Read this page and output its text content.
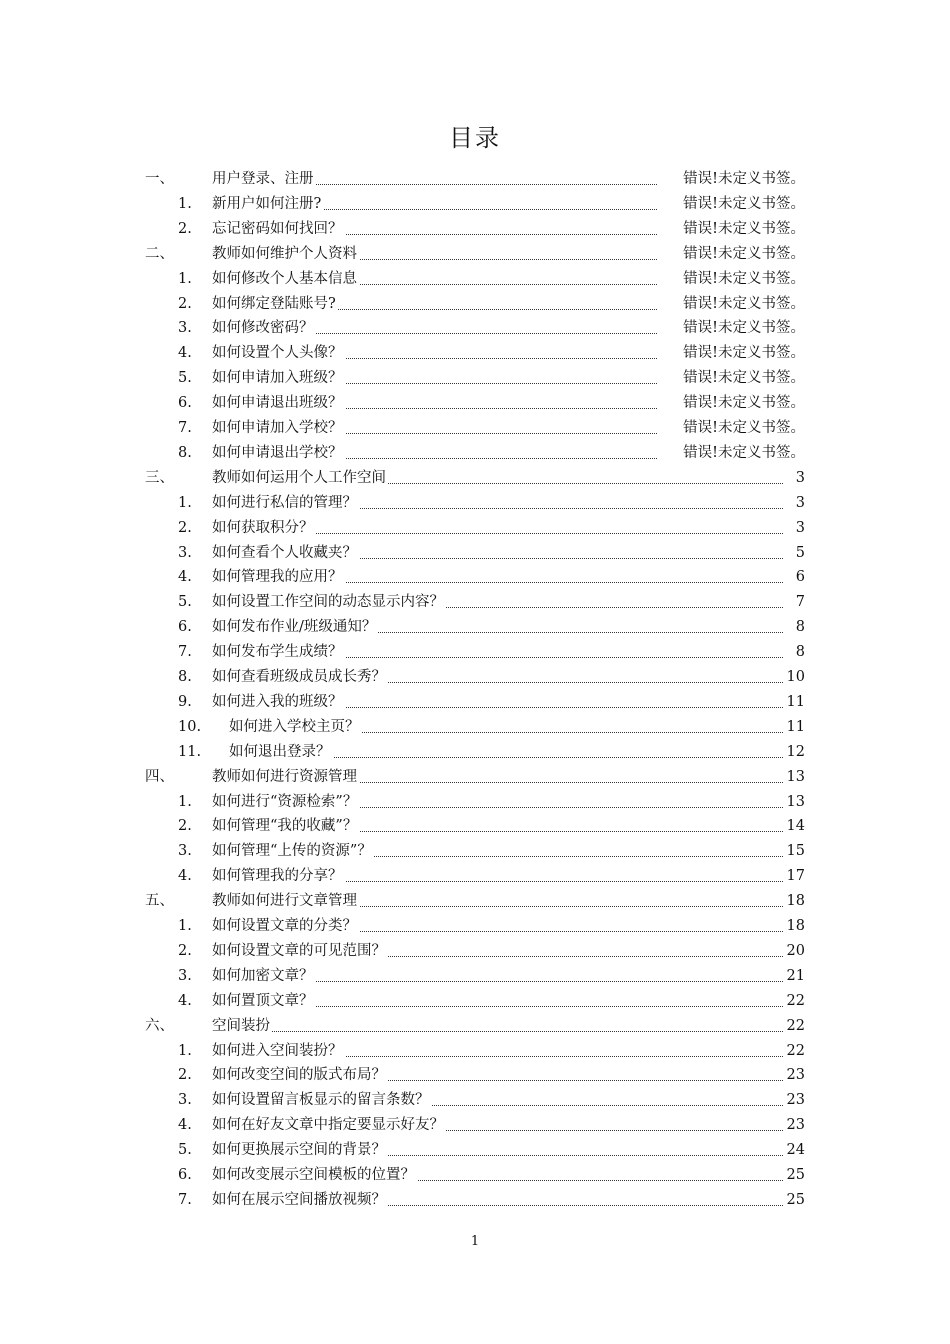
目录
一、	用户登录、注册	错误!未定义书签。
1. 新用户如何注册?	错误!未定义书签。
2. 忘记密码如何找回？	错误!未定义书签。
二、	教师如何维护个人资料	错误!未定义书签。
1. 如何修改个人基本信息	错误!未定义书签。
2. 如何绑定登陆账号?	错误!未定义书签。
3. 如何修改密码？	错误!未定义书签。
4. 如何设置个人头像？	错误!未定义书签。
5. 如何申请加入班级？	错误!未定义书签。
6. 如何申请退出班级？	错误!未定义书签。
7. 如何申请加入学校？	错误!未定义书签。
8. 如何申请退出学校？	错误!未定义书签。
三、	教师如何运用个人工作空间	3
1. 如何进行私信的管理？	3
2. 如何获取积分？	3
3. 如何查看个人收藏夹？	5
4. 如何管理我的应用？	6
5. 如何设置工作空间的动态显示内容？	7
6. 如何发布作业/班级通知？	8
7. 如何发布学生成绩？	8
8. 如何查看班级成员成长秀？	10
9. 如何进入我的班级？	11
10. 如何进入学校主页？	11
11. 如何退出登录？	12
四、	教师如何进行资源管理	13
1. 如何进行“资源检索”？	13
2. 如何管理“我的收藏”？	14
3. 如何管理“上传的资源”？	15
4. 如何管理我的分享？	17
五、	教师如何进行文章管理	18
1. 如何设置文章的分类？	18
2. 如何设置文章的可见范围？	20
3. 如何加密文章？	21
4. 如何置顶文章？	22
六、	空间装扮	22
1. 如何进入空间装扮？	22
2. 如何改变空间的版式布局？	23
3. 如何设置留言板显示的留言条数？	23
4. 如何在好友文章中指定要显示好友？	23
5. 如何更换展示空间的背景？	24
6. 如何改变展示空间模板的位置？	25
7. 如何在展示空间播放视频？	25
1
